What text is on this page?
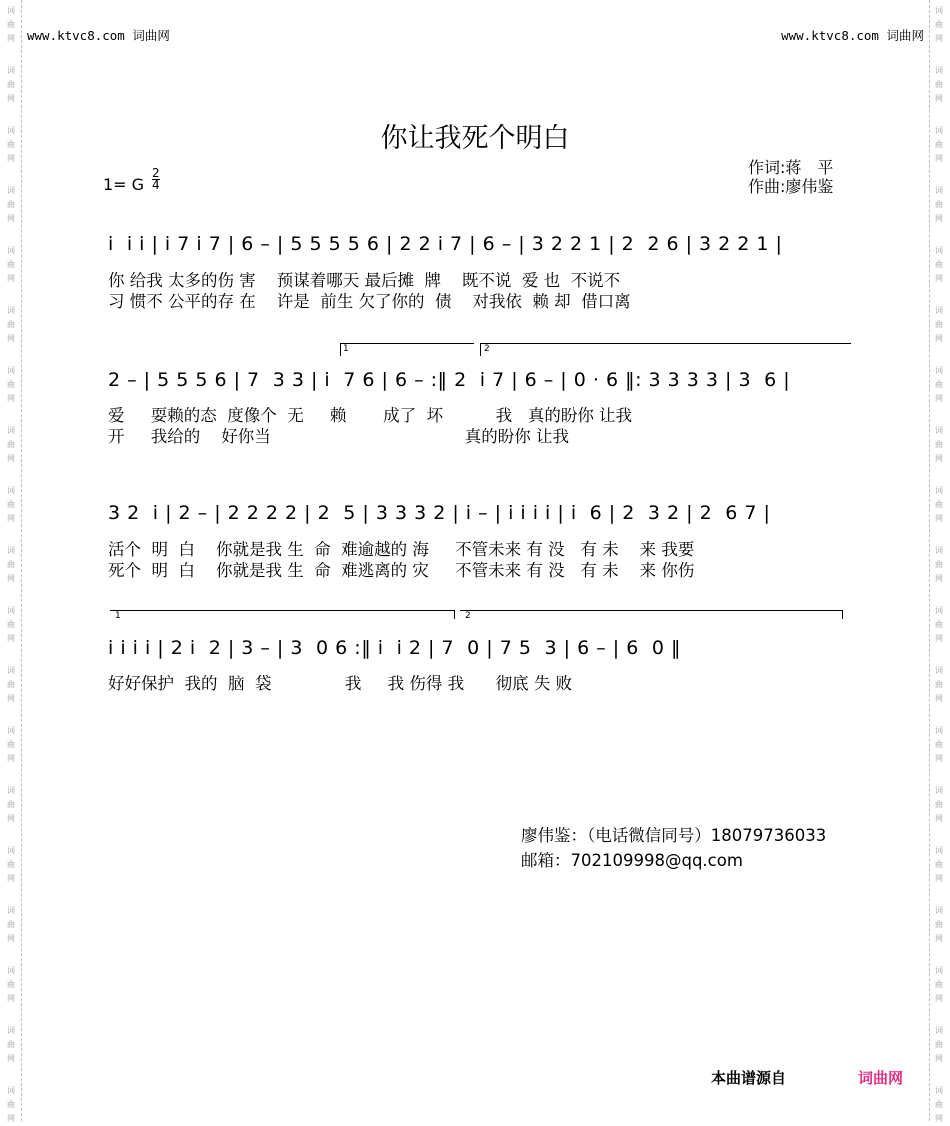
词
曲
网
词
曲
网
词
曲
网
词
曲
网
词
曲
网
词
曲
网
词
曲
网
词
曲
网
词
曲
网
词
曲
网
词
曲
网
词
曲
网
词
曲
网
词
曲
网
词
曲
网
词
曲
网
词
曲
网
词
曲
网
词
曲
网
词
曲
网
词
曲
网
词
曲
网
词
曲
网
词
曲
网
词
曲
网
词
曲
网
词
曲
网
词
曲
网
词
曲
网
词
曲
网
词
曲
网
词
曲
网
词
曲
网
词
曲
网
词
曲
网
词
曲
网
词
曲
网
词
曲
网
www.ktvc8.com 词曲网	www.ktvc8.com 词曲网
你让我死个明白
作词:蒋　平
作曲:廖伟鉴
1= G
2
4
i  i i | i 7 i 7 | 6 – | 5 5 5 5 6 | 2 2 i 7 | 6 – | 3 2 2 1 | 2  2 6 | 3 2 2 1 |
你 给我 太多的伤 害    预谋着哪天 最后摊  牌    既不说  爱 也  不说不
习 惯不 公平的存 在    许是  前生 欠了你的  债    对我依  赖 却  借口离
1	2
2 – | 5 5 5 6 | 7  3 3 | i  7 6 | 6 – :‖ 2  i 7 | 6 – | 0 · 6 ‖: 3 3 3 3 | 3  6 |
爱     耍赖的态  度像个  无     赖       成了  坏          我   真的盼你 让我
开     我给的    好你当                                     真的盼你 让我
3 2  i | 2 – | 2 2 2 2 | 2  5 | 3 3 3 2 | i – | i i i i | i  6 | 2  3 2 | 2  6 7 |
活个  明  白    你就是我 生  命  难逾越的 海     不管未来 有 没   有 未    来 我要
死个  明  白    你就是我 生  命  难逃离的 灾     不管未来 有 没   有 未    来 你伤
1	2
i i i i | 2 i  2 | 3 – | 3  0 6 :‖ i  i 2 | 7  0 | 7 5  3 | 6 – | 6  0 ‖
好好保护  我的  脑  袋              我     我 伤得 我      彻底 失 败
廖伟鉴：（电话微信同号）18079736033
邮箱：702109998@qq.com
本曲谱源自	词曲网
